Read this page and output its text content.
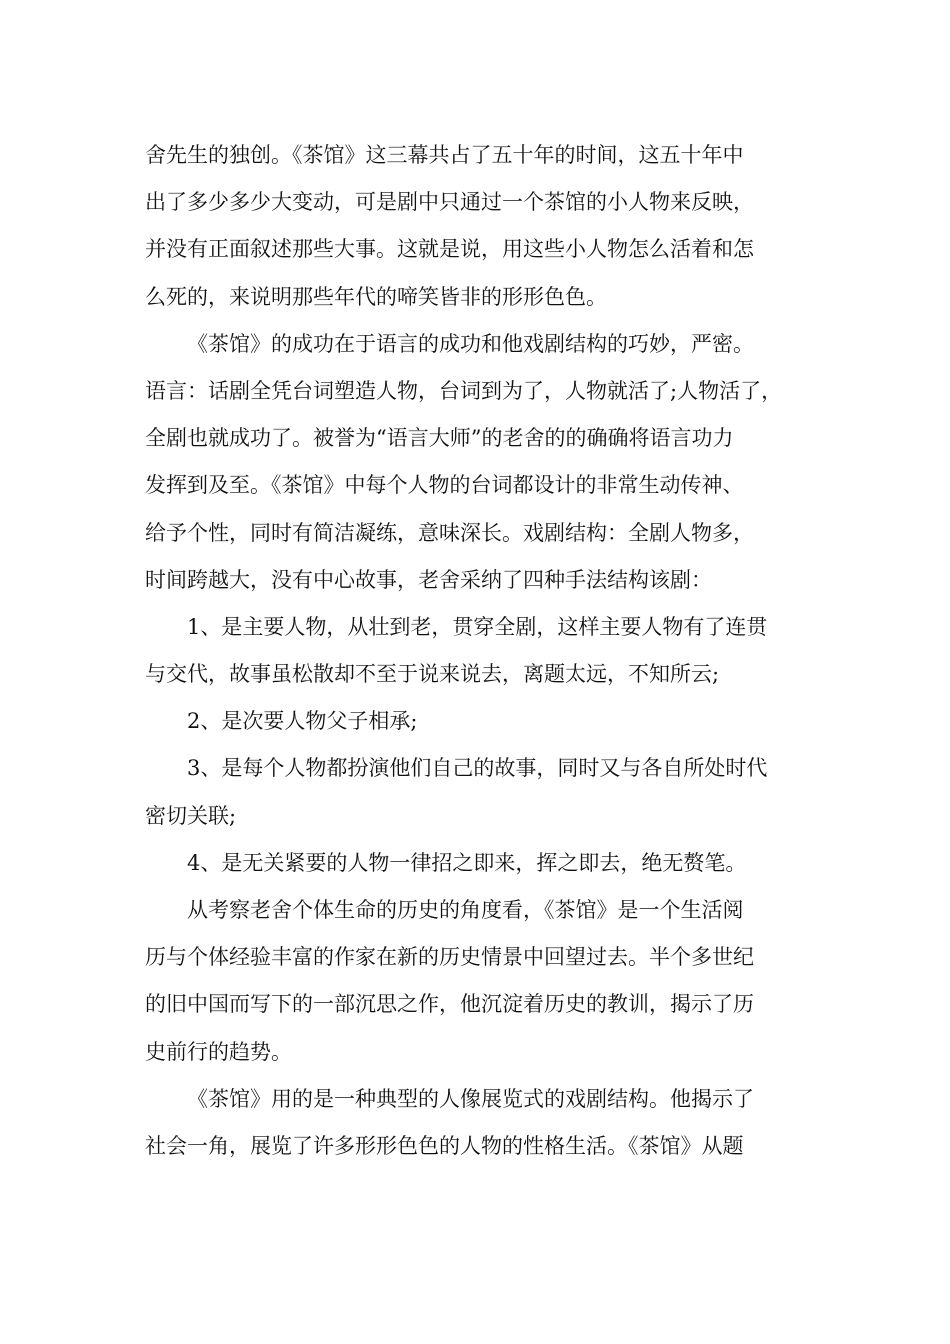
舍先生的独创。《茶馆》这三幕共占了五十年的时间，这五十年中
出了多少多少大变动，可是剧中只通过一个茶馆的小人物来反映，
并没有正面叙述那些大事。这就是说，用这些小人物怎么活着和怎
么死的，来说明那些年代的啼笑皆非的形形色色。
《茶馆》的成功在于语言的成功和他戏剧结构的巧妙，严密。
语言：话剧全凭台词塑造人物，台词到为了，人物就活了;人物活了，
全剧也就成功了。被誉为“语言大师”的老舍的的确确将语言功力
发挥到及至。《茶馆》中每个人物的台词都设计的非常生动传神、
给予个性，同时有简洁凝练，意味深长。戏剧结构：全剧人物多，
时间跨越大，没有中心故事，老舍采纳了四种手法结构该剧：
1、是主要人物，从壮到老，贯穿全剧，这样主要人物有了连贯
与交代，故事虽松散却不至于说来说去，离题太远，不知所云;
2、是次要人物父子相承;
3、是每个人物都扮演他们自己的故事，同时又与各自所处时代
密切关联;
4、是无关紧要的人物一律招之即来，挥之即去，绝无赘笔。
从考察老舍个体生命的历史的角度看，《茶馆》是一个生活阅
历与个体经验丰富的作家在新的历史情景中回望过去。半个多世纪
的旧中国而写下的一部沉思之作，他沉淀着历史的教训，揭示了历
史前行的趋势。
《茶馆》用的是一种典型的人像展览式的戏剧结构。他揭示了
社会一角，展览了许多形形色色的人物的性格生活。《茶馆》从题
